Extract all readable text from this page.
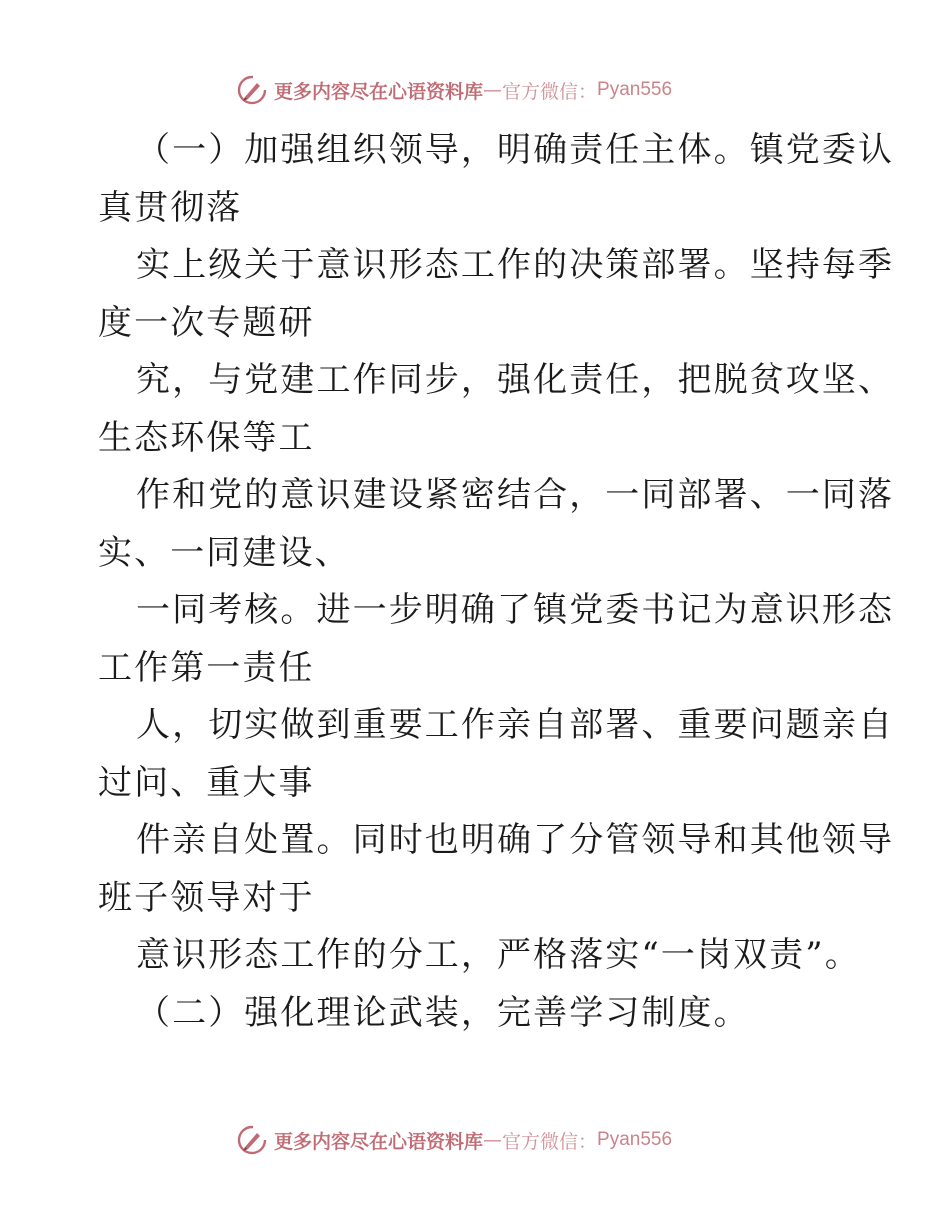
更多内容尽在心语资料库 — 官方微信： Pyan556
（一）加强组织领导，明确责任主体。镇党委认
真贯彻落
实上级关于意识形态工作的决策部署。坚持每季
度一次专题研
究，与党建工作同步，强化责任，把脱贫攻坚、
生态环保等工
作和党的意识建设紧密结合，一同部署、一同落
实、一同建设、
一同考核。进一步明确了镇党委书记为意识形态
工作第一责任
人，切实做到重要工作亲自部署、重要问题亲自
过问、重大事
件亲自处置。同时也明确了分管领导和其他领导
班子领导对于
意识形态工作的分工，严格落实“一岗双责”。
（二）强化理论武装，完善学习制度。
更多内容尽在心语资料库 — 官方微信： Pyan556
